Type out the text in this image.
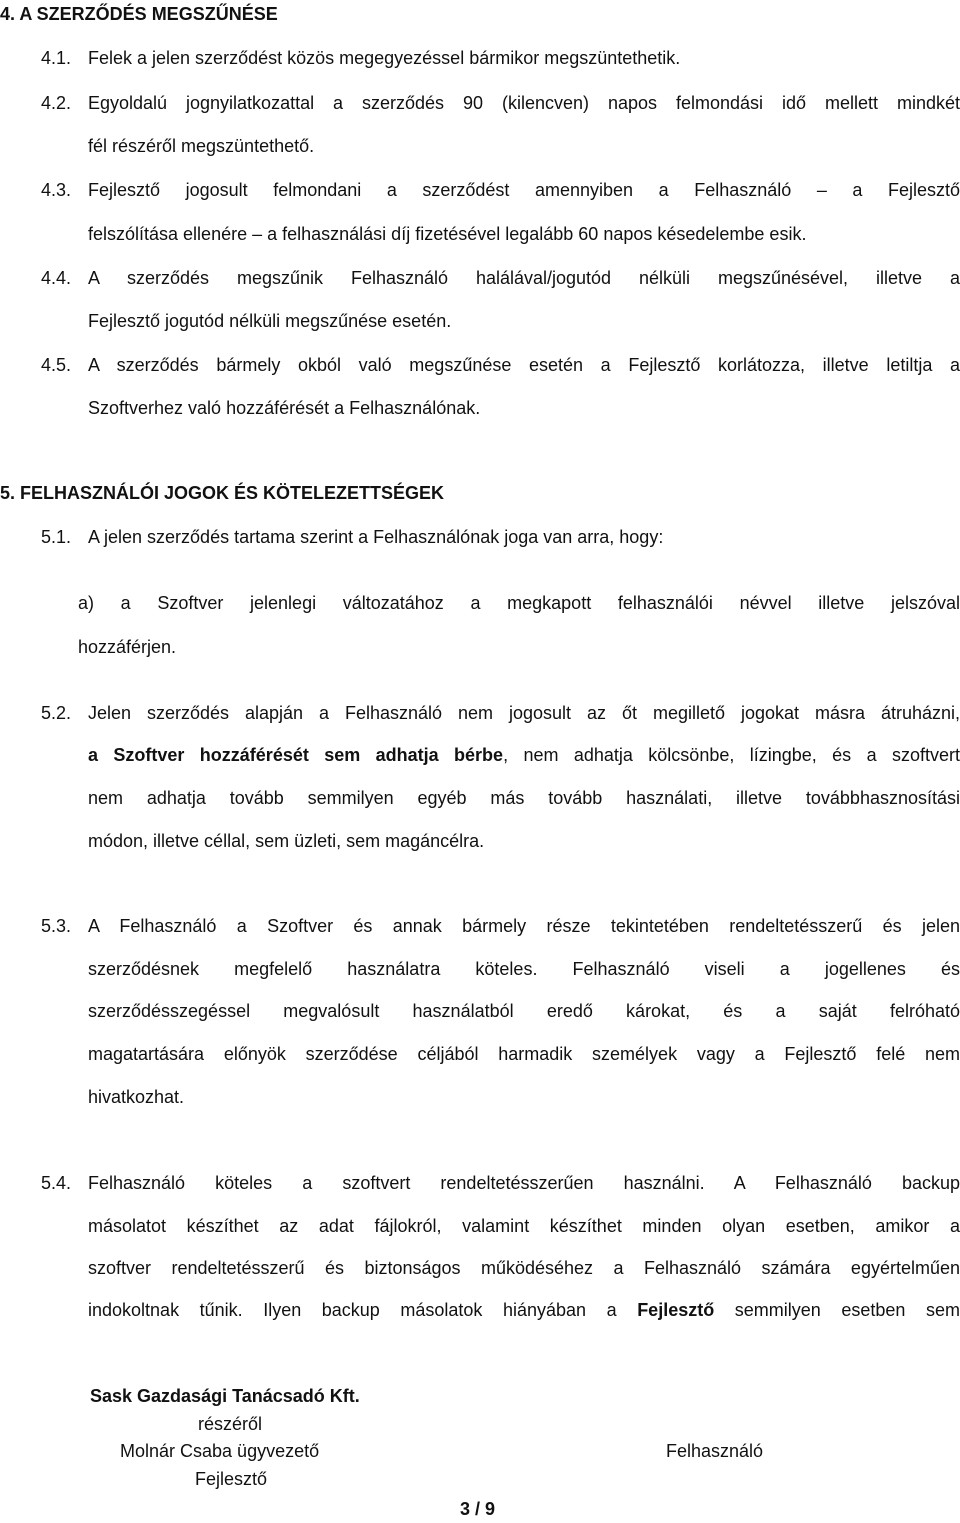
4. A SZERZŐDÉS MEGSZŰNÉSE
4.1. Felek a jelen szerződést közös megegyezéssel bármikor megszüntethetik.
4.2. Egyoldalú jognyilatkozattal a szerződés 90 (kilencven) napos felmondási idő mellett mindkét
fél részéről megszüntethető.
4.3. Fejlesztő jogosult felmondani a szerződést amennyiben a Felhasználó – a Fejlesztő
felszólítása ellenére – a felhasználási díj fizetésével legalább 60 napos késedelembe esik.
4.4. A szerződés megszűnik Felhasználó halálával/jogutód nélküli megszűnésével, illetve a
Fejlesztő jogutód nélküli megszűnése esetén.
4.5. A szerződés bármely okból való megszűnése esetén a Fejlesztő korlátozza, illetve letiltja a
Szoftverhez való hozzáférését a Felhasználónak.
5. FELHASZNÁLÓI JOGOK ÉS KÖTELEZETTSÉGEK
5.1. A jelen szerződés tartama szerint a Felhasználónak joga van arra, hogy:
a) a Szoftver jelenlegi változatához a megkapott felhasználói névvel illetve jelszóval
hozzáférjen.
5.2. Jelen szerződés alapján a Felhasználó nem jogosult az őt megillető jogokat másra átruházni,
a Szoftver hozzáférését sem adhatja bérbe, nem adhatja kölcsönbe, lízingbe, és a szoftvert
nem adhatja tovább semmilyen egyéb más tovább használati, illetve továbbhasznosítási
módon, illetve céllal, sem üzleti, sem magáncélra.
5.3. A Felhasználó a Szoftver és annak bármely része tekintetében rendeltetésszerű és jelen
szerződésnek megfelelő használatra köteles. Felhasználó viseli a jogellenes és
szerződésszegéssel megvalósult használatból eredő károkat, és a saját felróható
magatartására előnyök szerződése céljából harmadik személyek vagy a Fejlesztő felé nem
hivatkozhat.
5.4. Felhasználó köteles a szoftvert rendeltetésszerűen használni. A Felhasználó backup
másolatot készíthet az adat fájlokról, valamint készíthet minden olyan esetben, amikor a
szoftver rendeltetésszerű és biztonságos működéséhez a Felhasználó számára egyértelműen
indokoltnak tűnik. Ilyen backup másolatok hiányában a Fejlesztő semmilyen esetben sem
Sask Gazdasági Tanácsadó Kft.
részéről
Molnár Csaba ügyvezető
Fejlesztő
Felhasználó
3 / 9
